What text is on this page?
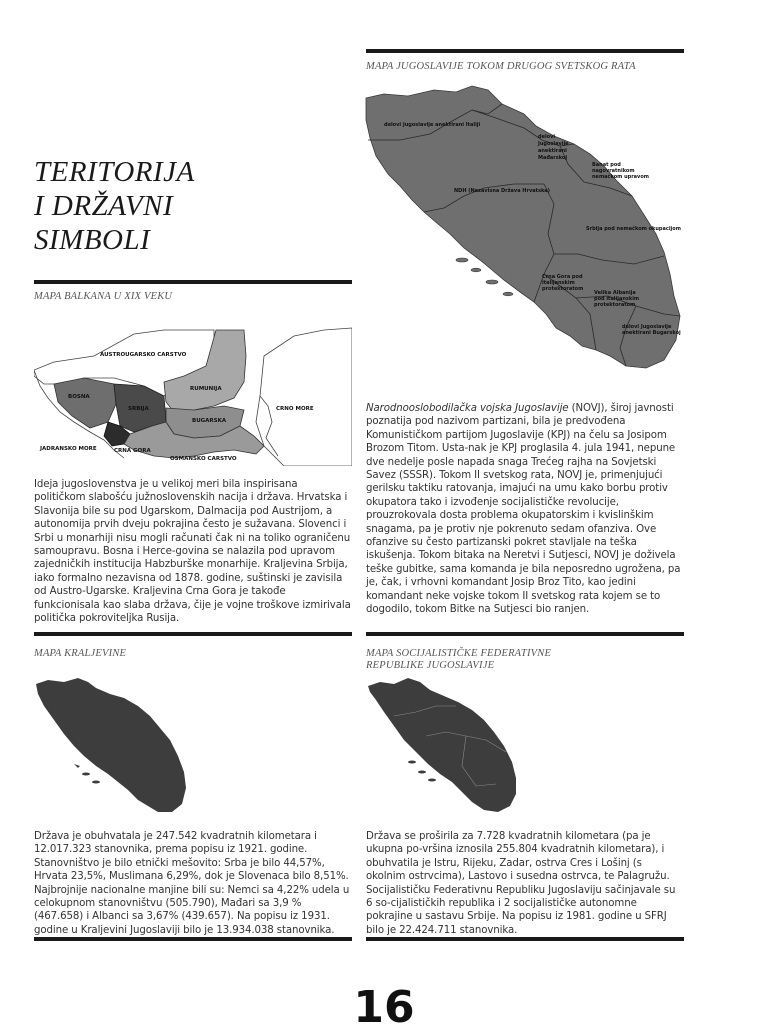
MAPA JUGOSLAVIJE TOKOM DRUGOG SVETSKOG RATA
delovi Jugoslavije anektirani Italiji
delovi
Jugoslavije
anektirani
Mađarskoj
Banat pod
nagovratnikom
nemačkom upravom
NDH (Nezavisna Država Hrvatska)
Srbija pod nemačkom okupacijom
Crna Gora pod
italijanskim
protektoratom
Velika Albanija
pod italijanskim
protektoratom
delovi Jugoslavije
anektirani Bugarskoj
TERITORIJA
I DRŽAVNI
SIMBOLI
MAPA BALKANA U XIX VEKU
AUSTROUGARSKO CARSTVO
RUMUNIJA
BOSNA
SRBIJA
BUGARSKA
CRNO MORE
JADRANSKO MORE	CRNA GORA
OSMANSKO CARSTVO

Ideja jugoslovenstva je u velikoj meri bila inspirisana političkom slabošću južnoslovenskih nacija i država. Hrvatska i Slavonija bile su pod Ugarskom, Dalmacija pod Austrijom, a autonomija prvih dveju pokrajina često je sužavana. Slovenci i Srbi u monarhiji nisu mogli računati čak ni na toliko ograničenu samoupravu. Bosna i Herce-govina se nalazila pod upravom zajedničkih institucija Habzburške monarhije. Kraljevina Srbija, iako formalno nezavisna od 1878. godine, suštinski je zavisila od Austro-Ugarske. Kraljevina Crna Gora je takođe funkcionisala kao slaba država, čije je vojne troškove izmirivala politička pokroviteljka Rusija.

Narodnooslobodilačka vojska Jugoslavije (NOVJ), široj javnosti poznatija pod nazivom partizani, bila je predvođena Komunističkom partijom Jugoslavije (KPJ) na čelu sa Josipom Brozom Titom. Usta-nak je KPJ proglasila 4. jula 1941, nepune dve nedelje posle napada snaga Trećeg rajha na Sovjetski Savez (SSSR). Tokom II svetskog rata, NOVJ je, primenjujući gerilsku taktiku ratovanja, imajući na umu kako borbu protiv okupatora tako i izvođenje socijalističke revolucije, prouzrokovala dosta problema okupatorskim i kvislinškim snagama, pa je protiv nje pokrenuto sedam ofanziva. Ove ofanzive su često partizanski pokret stavljale na teška iskušenja. Tokom bitaka na Neretvi i Sutjesci, NOVJ je doživela teške gubitke, sama komanda je bila neposredno ugrožena, pa je, čak, i vrhovni komandant Josip Broz Tito, kao jedini komandant neke vojske tokom II svetskog rata kojem se to dogodilo, tokom Bitke na Sutjesci bio ranjen.

MAPA KRALJEVINE	MAPA SOCIJALISTIČKE FEDERATIVNE
REPUBLIKE JUGOSLAVIJE

Država je obuhvatala je 247.542 kvadratnih kilometara i 12.017.323 stanovnika, prema popisu iz 1921. godine. Stanovništvo je bilo etnički mešovito: Srba je bilo 44,57%, Hrvata 23,5%, Muslimana 6,29%, dok je Slovenaca bilo 8,51%. Najbrojnije nacionalne manjine bili su: Nemci sa 4,22% udela u celokupnom stanovništvu (505.790), Mađari sa 3,9 % (467.658) i Albanci sa 3,67% (439.657). Na popisu iz 1931. godine u Kraljevini Jugoslaviji bilo je 13.934.038 stanovnika.

Država se proširila za 7.728 kvadratnih kilometara (pa je ukupna po-vršina iznosila 255.804 kvadratnih kilometara), i obuhvatila je Istru, Rijeku, Zadar, ostrva Cres i Lošinj (s okolnim ostrvcima), Lastovo i susedna ostrvca, te Palagružu.

Socijalističku Federativnu Republiku Jugoslaviju sačinjavale su 6 so-cijalističkih republika i 2 socijalističke autonomne pokrajine u sastavu Srbije. Na popisu iz 1981. godine u SFRJ bilo je 22.424.711 stanovnika.

16
